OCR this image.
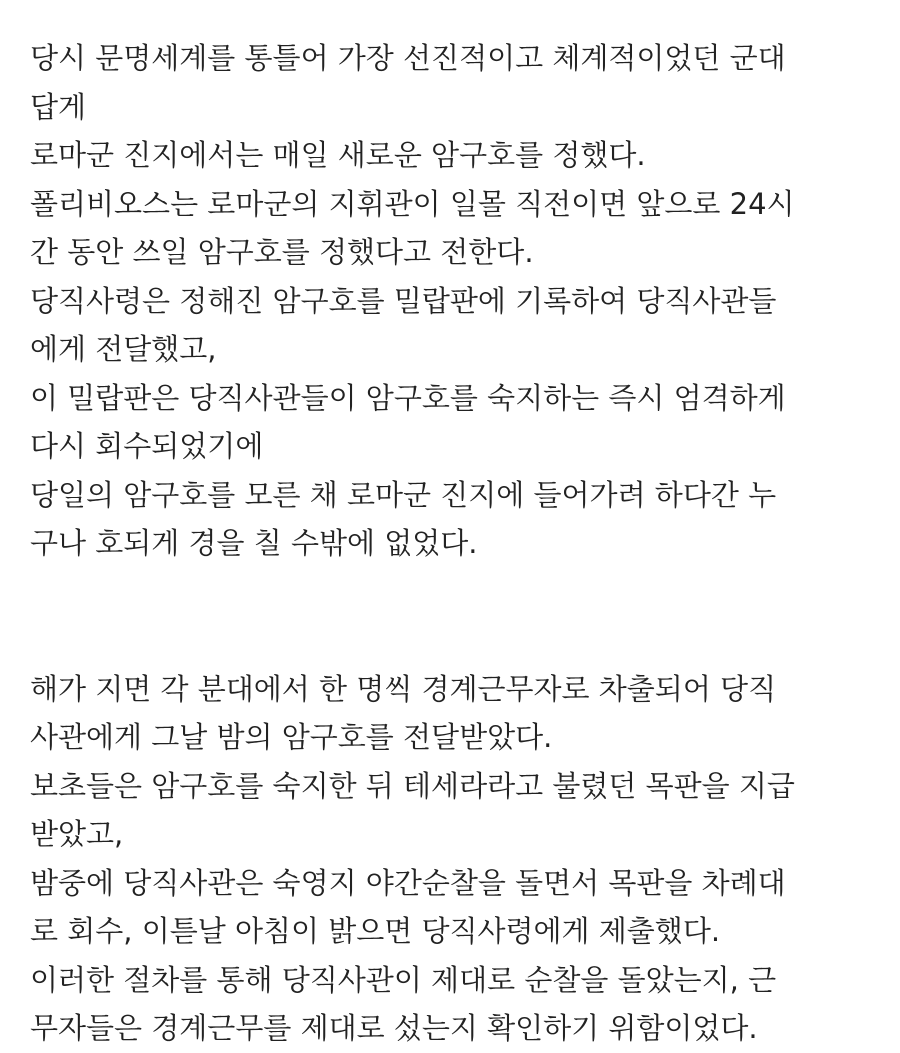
당시 문명세계를 통틀어 가장 선진적이고 체계적이었던 군대
답게
로마군 진지에서는 매일 새로운 암구호를 정했다.
폴리비오스는 로마군의 지휘관이 일몰 직전이면 앞으로 24시
간 동안 쓰일 암구호를 정했다고 전한다.
당직사령은 정해진 암구호를 밀랍판에 기록하여 당직사관들
에게 전달했고,
이 밀랍판은 당직사관들이 암구호를 숙지하는 즉시 엄격하게
다시 회수되었기에
당일의 암구호를 모른 채 로마군 진지에 들어가려 하다간 누
구나 호되게 경을 칠 수밖에 없었다.
해가 지면 각 분대에서 한 명씩 경계근무자로 차출되어 당직
사관에게 그날 밤의 암구호를 전달받았다.
보초들은 암구호를 숙지한 뒤 테세라라고 불렸던 목판을 지급
받았고,
밤중에 당직사관은 숙영지 야간순찰을 돌면서 목판을 차례대
로 회수, 이튿날 아침이 밝으면 당직사령에게 제출했다.
이러한 절차를 통해 당직사관이 제대로 순찰을 돌았는지, 근
무자들은 경계근무를 제대로 섰는지 확인하기 위함이었다.
